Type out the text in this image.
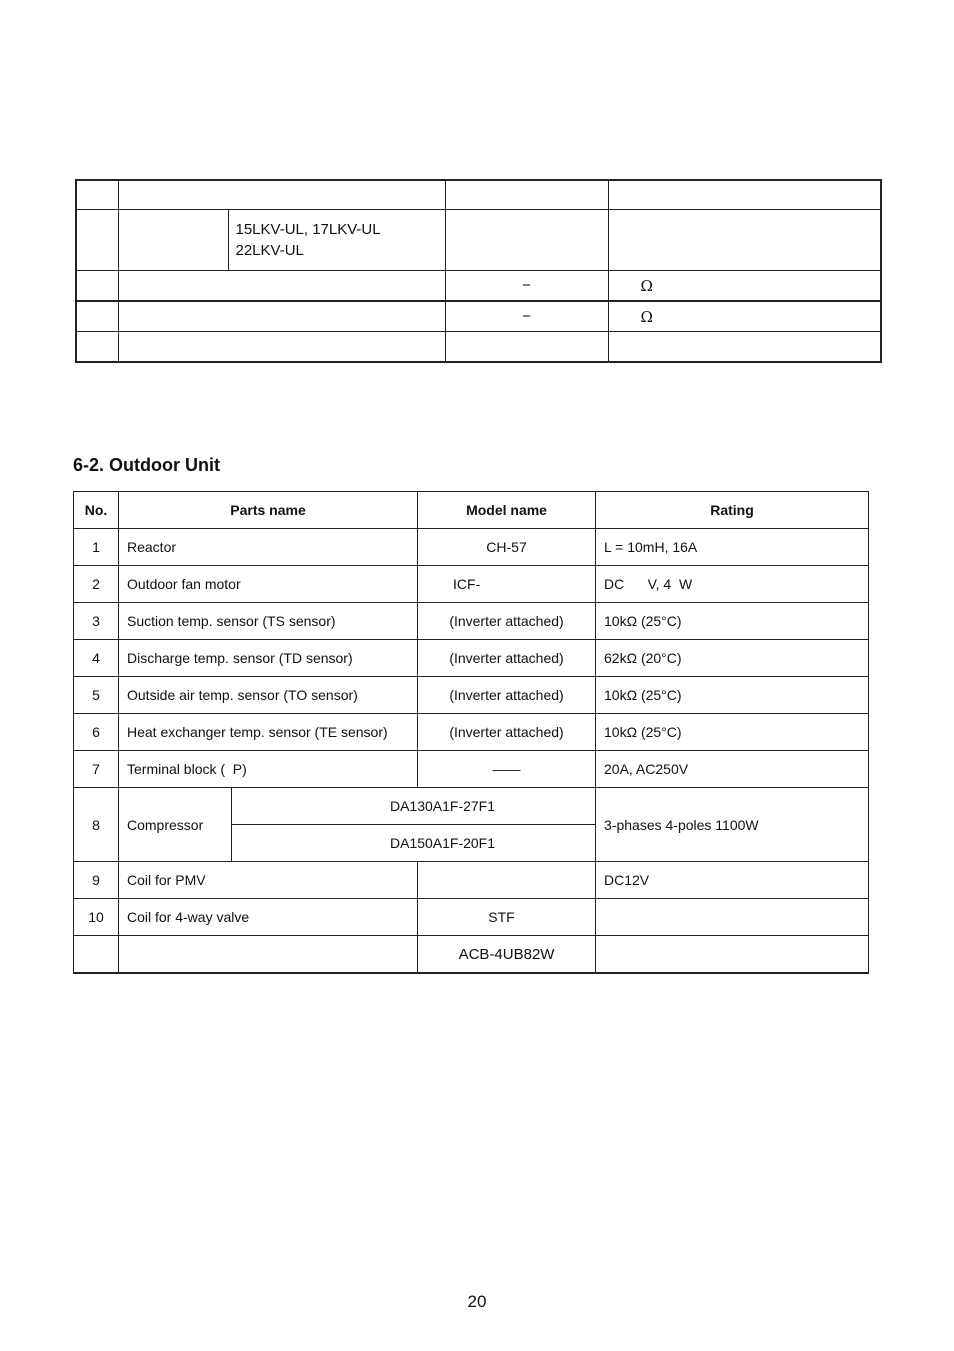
		15LKV-UL, 17LKV-UL
22LKV-UL		

			−	Ω
			−	Ω

6-2. Outdoor Unit
No.	Parts name		Model name	Rating
1	Reactor		CH-57	L = 10mH, 16A
2	Outdoor fan motor		ICF-	DC      V, 4  W
3	Suction temp. sensor (TS sensor)		(Inverter attached)	10kΩ (25°C)
4	Discharge temp. sensor (TD sensor)		(Inverter attached)	62kΩ (20°C)
5	Outside air temp. sensor (TO sensor)		(Inverter attached)	10kΩ (25°C)
6	Heat exchanger temp. sensor (TE sensor)		(Inverter attached)	10kΩ (25°C)
7	Terminal block (  P)		——	20A, AC250V
8	Compressor	DA130A1F-27F1		3-phases 4-poles 1100W
		DA150A1F-20F1		
9	Coil for PMV			DC12V
10	Coil for 4-way valve		STF	
			ACB-4UB82W	
20
